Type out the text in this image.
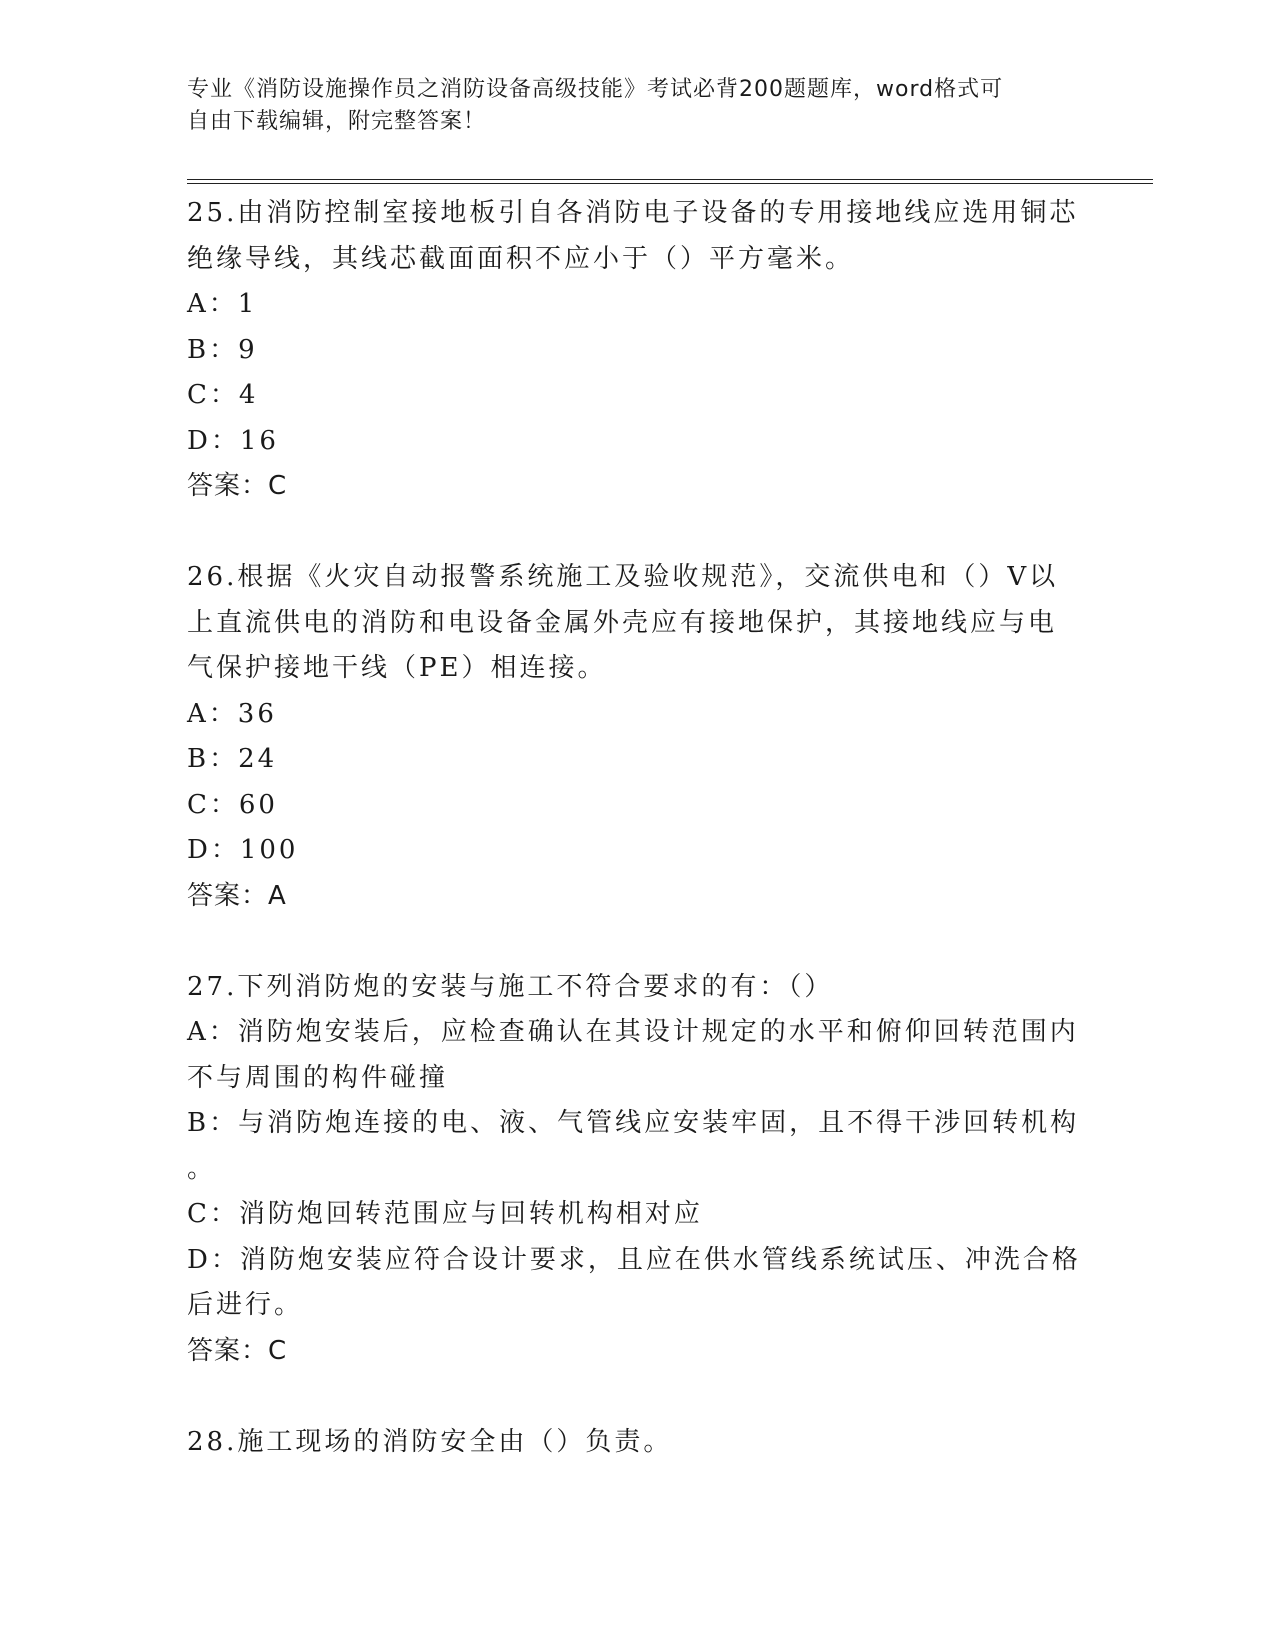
专业《消防设施操作员之消防设备高级技能》考试必背200题题库，word格式可
自由下载编辑，附完整答案！
25.由消防控制室接地板引自各消防电子设备的专用接地线应选用铜芯
绝缘导线，其线芯截面面积不应小于（）平方毫米。
A：1
B：9
C：4
D：16
答案：C
26.根据《火灾自动报警系统施工及验收规范》，交流供电和（）V以
上直流供电的消防和电设备金属外壳应有接地保护，其接地线应与电
气保护接地干线（PE）相连接。
A：36
B：24
C：60
D：100
答案：A
27.下列消防炮的安装与施工不符合要求的有：（）
A：消防炮安装后，应检查确认在其设计规定的水平和俯仰回转范围内
不与周围的构件碰撞
B：与消防炮连接的电、液、气管线应安装牢固，且不得干涉回转机构
。
C：消防炮回转范围应与回转机构相对应
D：消防炮安装应符合设计要求，且应在供水管线系统试压、冲洗合格
后进行。
答案：C
28.施工现场的消防安全由（）负责。
